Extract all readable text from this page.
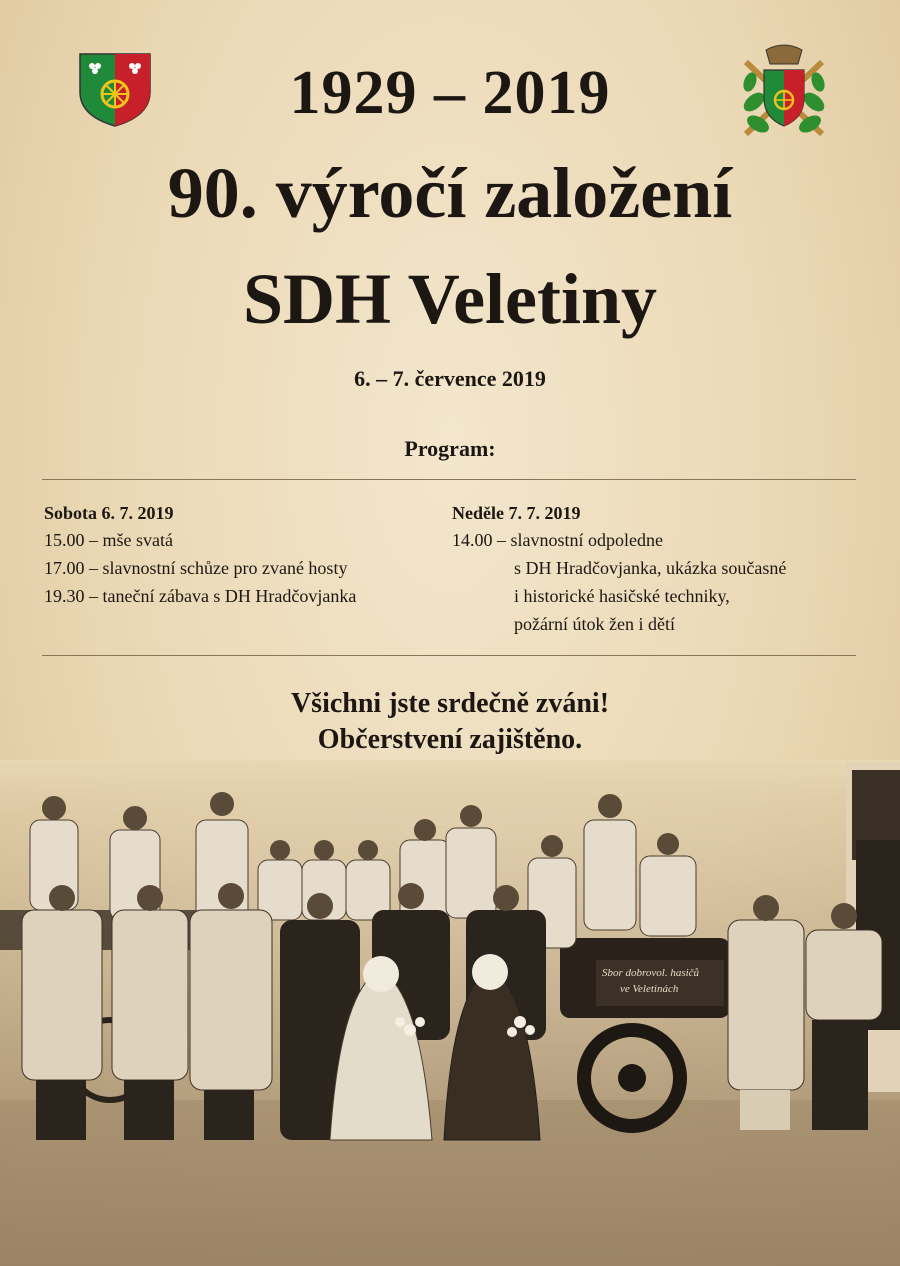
1929 – 2019
90. výročí založení
SDH Veletiny
6. – 7. července 2019
Program:
Sobota 6. 7. 2019
15.00 – mše svatá
17.00 – slavnostní schůze pro zvané hosty
19.30 – taneční zábava s DH Hradčovjanka
Neděle 7. 7. 2019
14.00 – slavnostní odpoledne
s DH Hradčovjanka, ukázka současné
i historické hasičské techniky,
požární útok žen i dětí
Všichni jste srdečně zváni!
Občerstvení zajištěno.
Sbor dobrovol. hasičů
ve Veletinách
